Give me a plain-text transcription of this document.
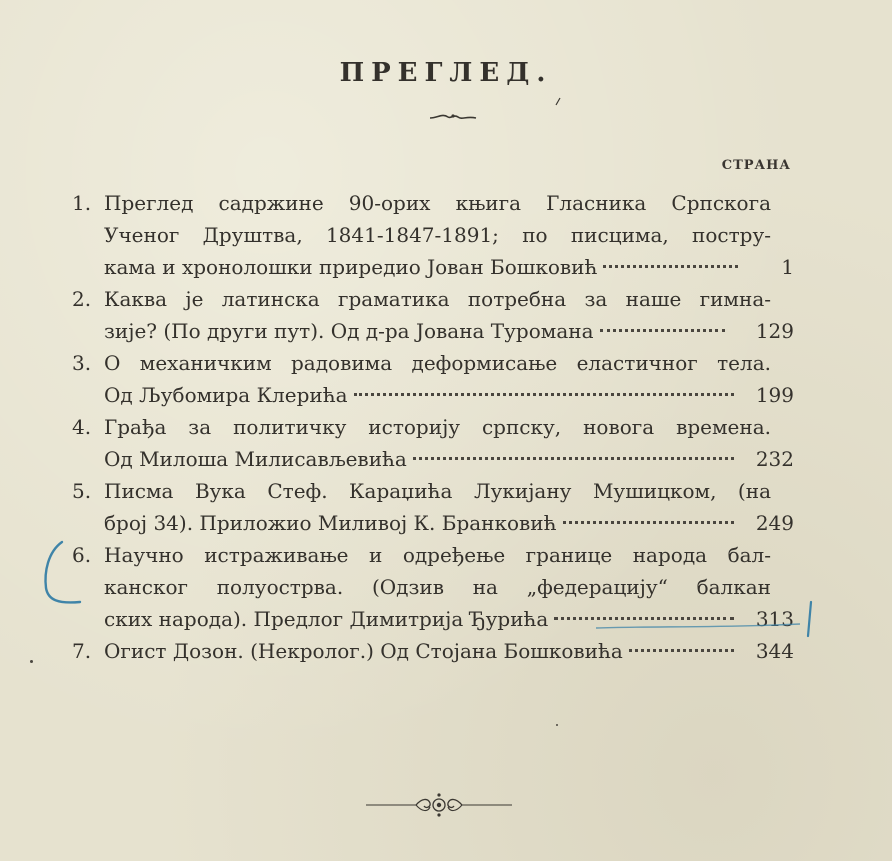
ПРЕГЛЕД.
СТРАНА
1. Преглед садржине 90-орих књига Гласника Српскога
Ученог Друштва, 1841-1847-1891; по писцима, постру-
кама и хронолошки приредио Јован Бошковић	1
2. Каква је латинска граматика потребна за наше гимна-
зије? (По други пут). Од д-ра Јована Туромана	129
3. О механичким радовима деформисање еластичног тела.
Од Љубомира Клерића	199
4. Грађа за политичку историју српску, новога времена.
Од Милоша Милисављевића	232
5. Писма Вука Стеф. Караџића Лукијану Мушицком, (на
број 34). Приложио Миливој К. Бранковић	249
6. Научно истраживање и одређење границе народа бал-
канског полуострва. (Одзив на „федерацију“ балкан
ских народа). Предлог Димитрија Ђурића	313
7. Огист Дозон. (Некролог.) Од Стојана Бошковића	344
